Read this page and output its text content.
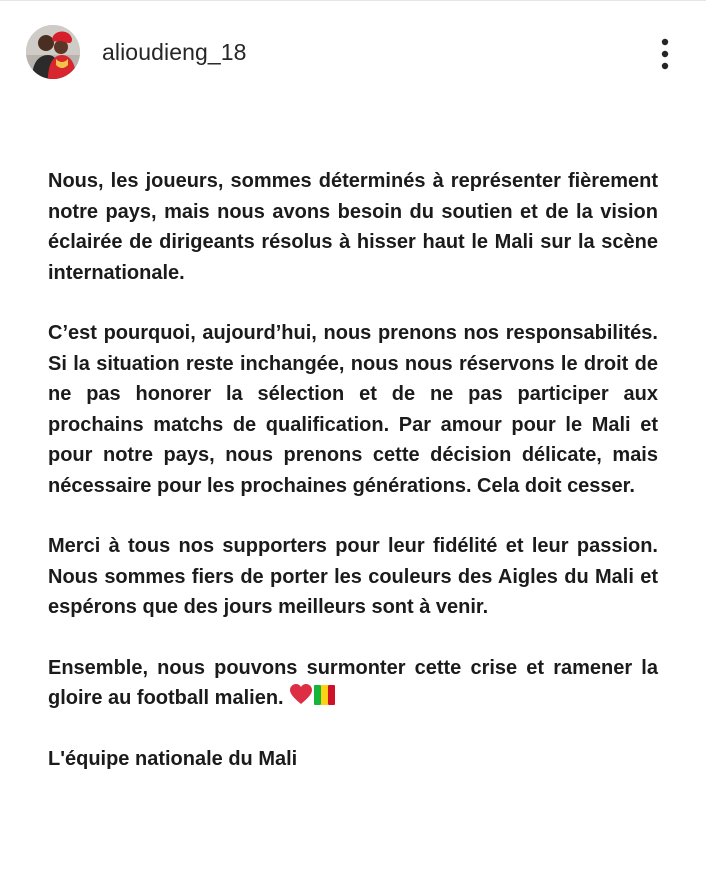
alioudieng_18

Nous, les joueurs, sommes déterminés à représenter fièrement notre pays, mais nous avons besoin du soutien et de la vision éclairée de dirigeants résolus à hisser haut le Mali sur la scène internationale.

C’est pourquoi, aujourd’hui, nous prenons nos responsabilités. Si la situation reste inchangée, nous nous réservons le droit de ne pas honorer la sélection et de ne pas participer aux prochains matchs de qualification. Par amour pour le Mali et pour notre pays, nous prenons cette décision délicate, mais nécessaire pour les prochaines générations. Cela doit cesser.

Merci à tous nos supporters pour leur fidélité et leur passion. Nous sommes fiers de porter les couleurs des Aigles du Mali et espérons que des jours meilleurs sont à venir.

Ensemble, nous pouvons surmonter cette crise et ramener la gloire au football malien.

L'équipe nationale du Mali
